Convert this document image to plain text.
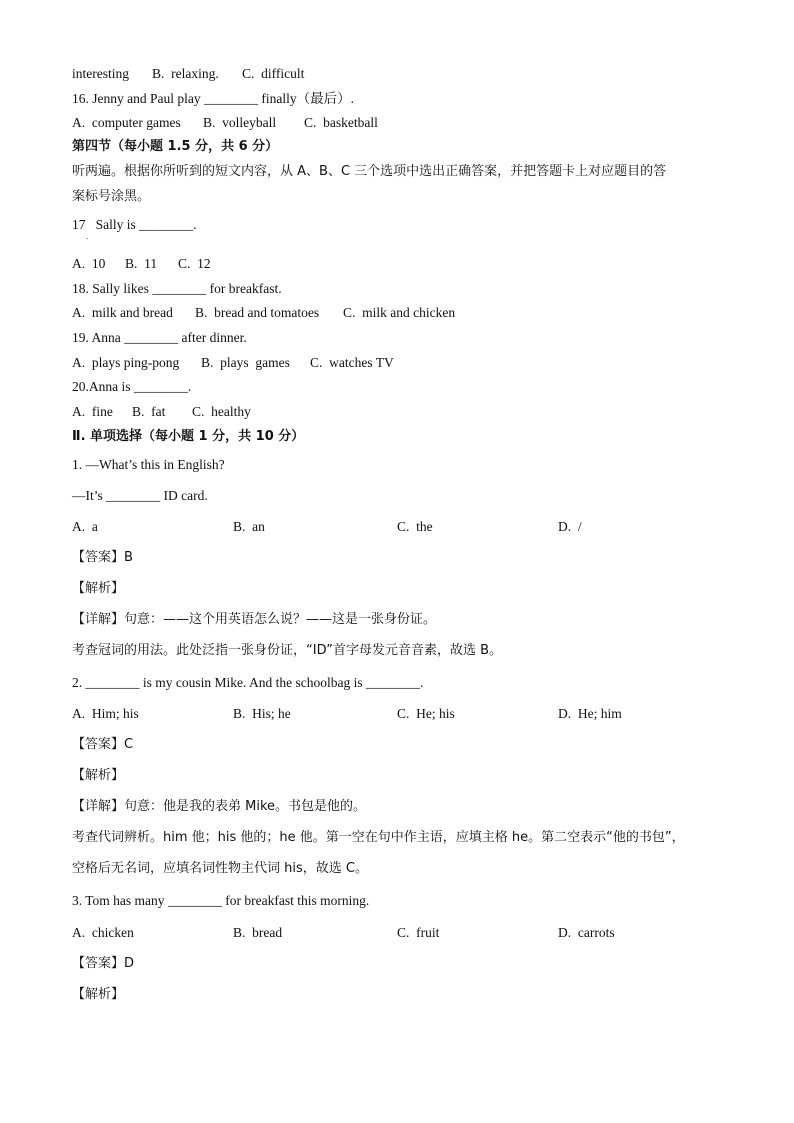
interesting B.  relaxing. C.  difficult
16. Jenny and Paul play ________ finally（最后）.
A.  computer games B.  volleyball C.  basketball
第四节（每小题 1.5 分，共 6 分）
听两遍。根据你所听到的短文内容，从 A、B、C 三个选项中选出正确答案，并把答题卡上对应题目的答
案标号涂黑。
17   Sally is ________.
.
A.  10 B.  11 C.  12
18. Sally likes ________ for breakfast.
A.  milk and bread B.  bread and tomatoes C.  milk and chicken
19. Anna ________ after dinner.
A.  plays ping-pong B.  plays  games C.  watches TV
20.Anna is ________.
A.  fine B.  fat C.  healthy
Ⅱ. 单项选择（每小题 1 分，共 10 分）
1. —What’s this in English?
—It’s ________ ID card.
A.  a	B.  an	C.  the	D.  /
【答案】B
【解析】
【详解】句意：——这个用英语怎么说？——这是一张身份证。
考查冠词的用法。此处泛指一张身份证，“ID”首字母发元音音素，故选 B。
2. ________ is my cousin Mike. And the schoolbag is ________.
A.  Him; his	B.  His; he	C.  He; his	D.  He; him
【答案】C
【解析】
【详解】句意：他是我的表弟 Mike。书包是他的。
考查代词辨析。him 他；his 他的；he 他。第一空在句中作主语，应填主格 he。第二空表示“他的书包”，
空格后无名词，应填名词性物主代词 his，故选 C。
3. Tom has many ________ for breakfast this morning.
A.  chicken	B.  bread	C.  fruit	D.  carrots
【答案】D
【解析】
